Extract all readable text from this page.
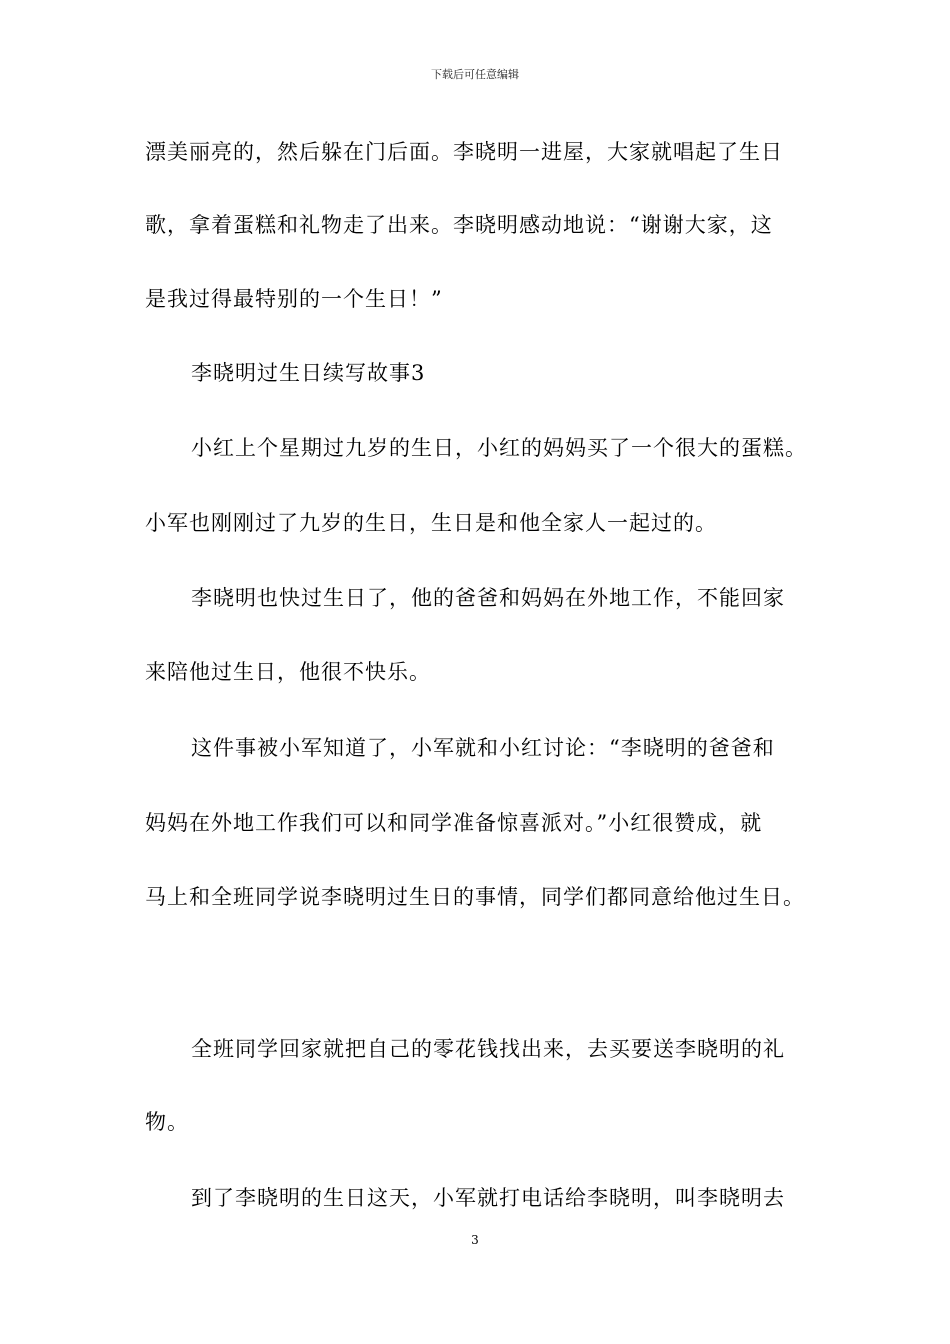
下载后可任意编辑
漂美丽亮的，然后躲在门后面。李晓明一进屋，大家就唱起了生日
歌，拿着蛋糕和礼物走了出来。李晓明感动地说：“谢谢大家，这
是我过得最特别的一个生日！”
李晓明过生日续写故事3
小红上个星期过九岁的生日，小红的妈妈买了一个很大的蛋糕。
小军也刚刚过了九岁的生日，生日是和他全家人一起过的。
李晓明也快过生日了，他的爸爸和妈妈在外地工作，不能回家
来陪他过生日，他很不快乐。
这件事被小军知道了，小军就和小红讨论：“李晓明的爸爸和
妈妈在外地工作我们可以和同学准备惊喜派对。”小红很赞成，就
马上和全班同学说李晓明过生日的事情，同学们都同意给他过生日。
全班同学回家就把自己的零花钱找出来，去买要送李晓明的礼
物。
到了李晓明的生日这天，小军就打电话给李晓明，叫李晓明去
3
